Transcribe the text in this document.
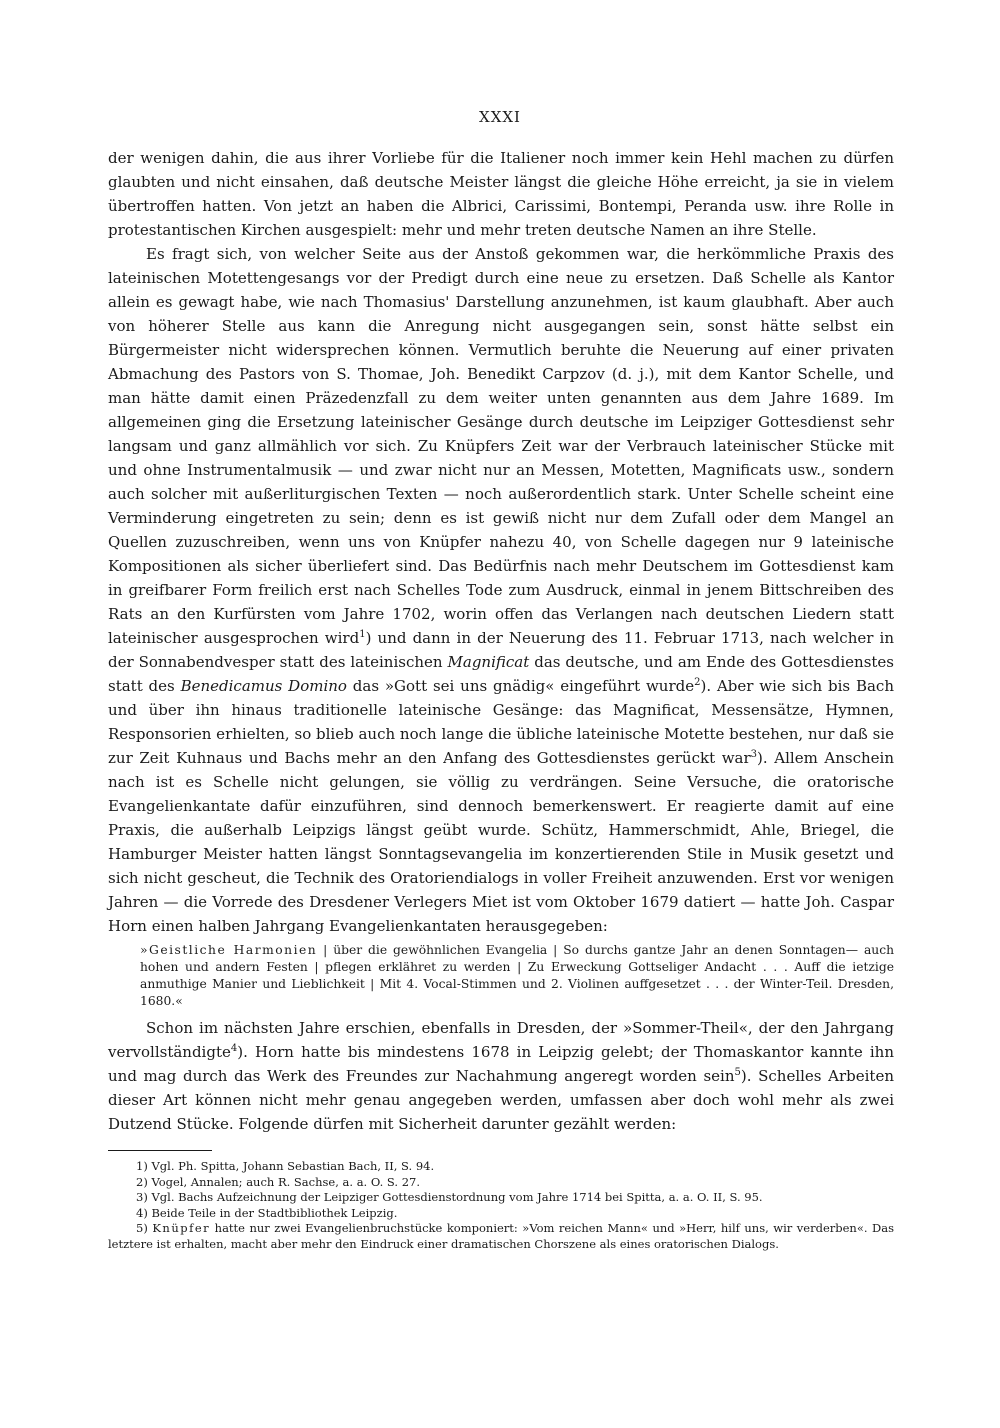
XXXI

der wenigen dahin, die aus ihrer Vorliebe für die Italiener noch immer kein Hehl machen zu dürfen glaubten und nicht einsahen, daß deutsche Meister längst die gleiche Höhe erreicht, ja sie in vielem übertroffen hatten. Von jetzt an haben die Albrici, Carissimi, Bontempi, Peranda usw. ihre Rolle in protestantischen Kirchen ausgespielt: mehr und mehr treten deutsche Namen an ihre Stelle.

Es fragt sich, von welcher Seite aus der Anstoß gekommen war, die herkömmliche Praxis des lateinischen Motettengesangs vor der Predigt durch eine neue zu ersetzen. Daß Schelle als Kantor allein es gewagt habe, wie nach Thomasius' Darstellung anzunehmen, ist kaum glaubhaft. Aber auch von höherer Stelle aus kann die Anregung nicht ausgegangen sein, sonst hätte selbst ein Bürgermeister nicht widersprechen können. Vermutlich beruhte die Neuerung auf einer privaten Abmachung des Pastors von S. Thomae, Joh. Benedikt Carpzov (d. j.), mit dem Kantor Schelle, und man hätte damit einen Präzedenzfall zu dem weiter unten genannten aus dem Jahre 1689. Im allgemeinen ging die Ersetzung lateinischer Gesänge durch deutsche im Leipziger Gottesdienst sehr langsam und ganz allmählich vor sich. Zu Knüpfers Zeit war der Verbrauch lateinischer Stücke mit und ohne Instrumentalmusik — und zwar nicht nur an Messen, Motetten, Magnificats usw., sondern auch solcher mit außerliturgischen Texten — noch außerordentlich stark. Unter Schelle scheint eine Verminderung eingetreten zu sein; denn es ist gewiß nicht nur dem Zufall oder dem Mangel an Quellen zuzuschreiben, wenn uns von Knüpfer nahezu 40, von Schelle dagegen nur 9 lateinische Kompositionen als sicher überliefert sind. Das Bedürfnis nach mehr Deutschem im Gottesdienst kam in greifbarer Form freilich erst nach Schelles Tode zum Ausdruck, einmal in jenem Bittschreiben des Rats an den Kurfürsten vom Jahre 1702, worin offen das Verlangen nach deutschen Liedern statt lateinischer ausgesprochen wird$^1$) und dann in der Neuerung des 11. Februar 1713, nach welcher in der Sonnabendvesper statt des lateinischen Magnificat das deutsche, und am Ende des Gottesdienstes statt des Benedicamus Domino das »Gott sei uns gnädig« eingeführt wurde$^2$). Aber wie sich bis Bach und über ihn hinaus traditionelle lateinische Gesänge: das Magnificat, Messensätze, Hymnen, Responsorien erhielten, so blieb auch noch lange die übliche lateinische Motette bestehen, nur daß sie zur Zeit Kuhnaus und Bachs mehr an den Anfang des Gottesdienstes gerückt war$^3$). Allem Anschein nach ist es Schelle nicht gelungen, sie völlig zu verdrängen. Seine Versuche, die oratorische Evangelienkantate dafür einzuführen, sind dennoch bemerkenswert. Er reagierte damit auf eine Praxis, die außerhalb Leipzigs längst geübt wurde. Schütz, Hammerschmidt, Ahle, Briegel, die Hamburger Meister hatten längst Sonntagsevangelia im konzertierenden Stile in Musik gesetzt und sich nicht gescheut, die Technik des Oratoriendialogs in voller Freiheit anzuwenden. Erst vor wenigen Jahren — die Vorrede des Dresdener Verlegers Miet ist vom Oktober 1679 datiert — hatte Joh. Caspar Horn einen halben Jahrgang Evangelienkantaten herausgegeben:

»Geistliche Harmonien | über die gewöhnlichen Evangelia | So durchs gantze Jahr an denen Sonntagen— auch hohen und andern Festen | pflegen erklähret zu werden | Zu Erweckung Gottseliger Andacht . . . Auff die ietzige anmuthige Manier und Lieblichkeit | Mit 4. Vocal-Stimmen und 2. Violinen auffgesetzet . . . der Winter-Teil. Dresden, 1680.«

Schon im nächsten Jahre erschien, ebenfalls in Dresden, der »Sommer-Theil«, der den Jahrgang vervollständigte$^4$). Horn hatte bis mindestens 1678 in Leipzig gelebt; der Thomaskantor kannte ihn und mag durch das Werk des Freundes zur Nachahmung angeregt worden sein$^5$). Schelles Arbeiten dieser Art können nicht mehr genau angegeben werden, umfassen aber doch wohl mehr als zwei Dutzend Stücke. Folgende dürfen mit Sicherheit darunter gezählt werden:

1) Vgl. Ph. Spitta, Johann Sebastian Bach, II, S. 94.

2) Vogel, Annalen; auch R. Sachse, a. a. O. S. 27.

3) Vgl. Bachs Aufzeichnung der Leipziger Gottesdienstordnung vom Jahre 1714 bei Spitta, a. a. O. II, S. 95.

4) Beide Teile in der Stadtbibliothek Leipzig.

5) Knüpfer hatte nur zwei Evangelienbruchstücke komponiert: »Vom reichen Mann« und »Herr, hilf uns, wir verderben«. Das letztere ist erhalten, macht aber mehr den Eindruck einer dramatischen Chorszene als eines oratorischen Dialogs.
